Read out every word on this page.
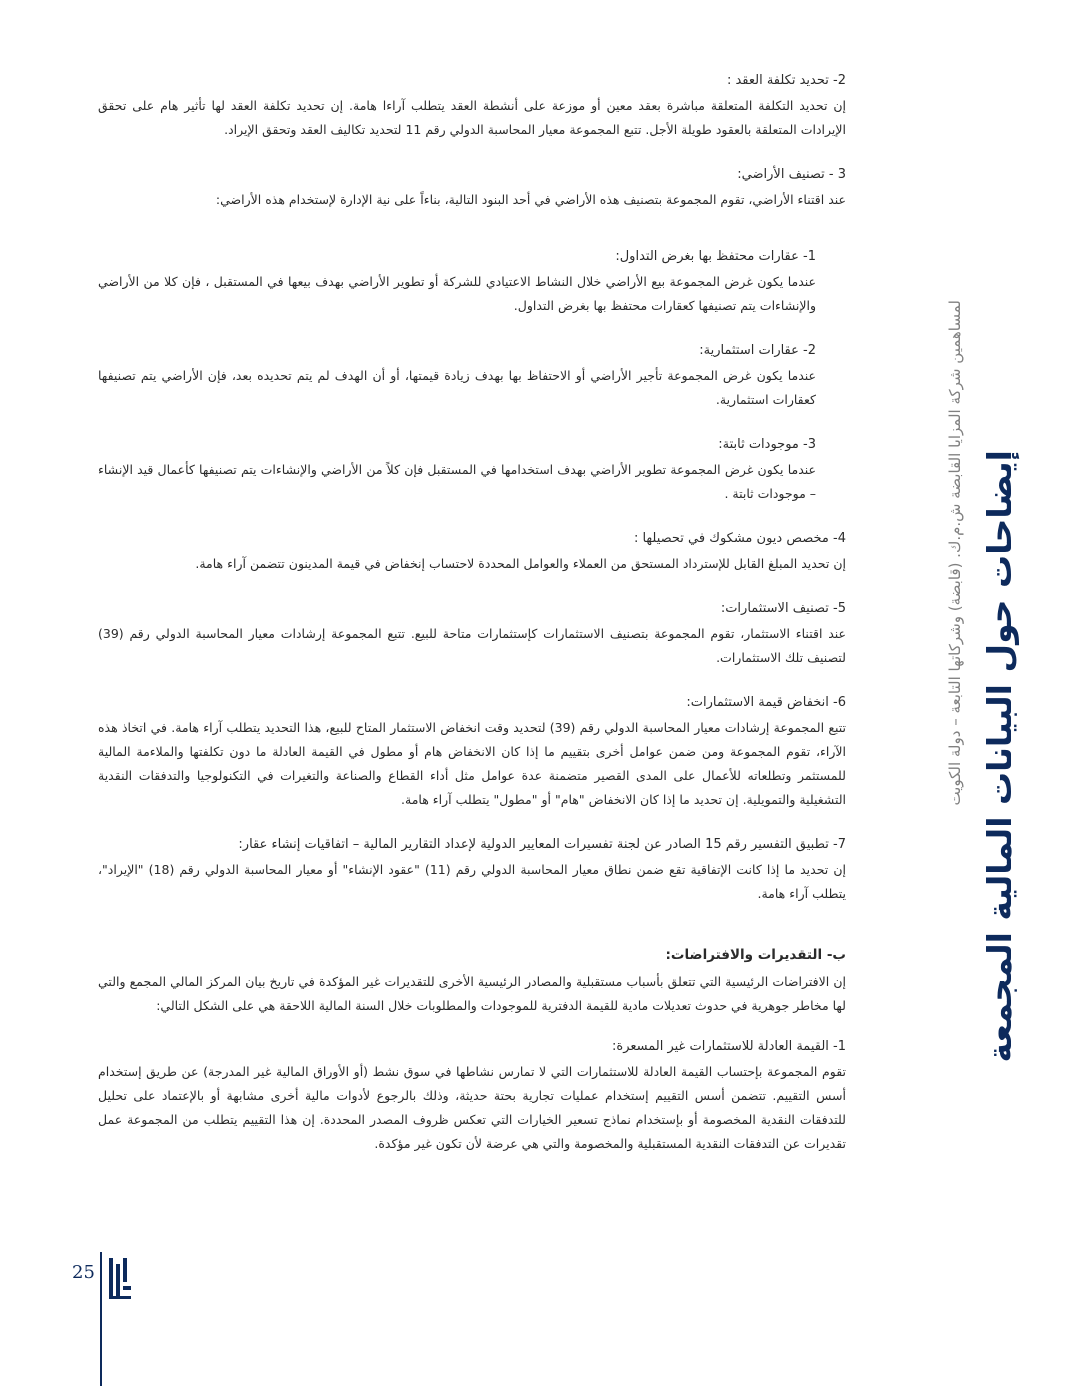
2- تحديد تكلفة العقد :

إن تحديد التكلفة المتعلقة مباشرة بعقد معين أو موزعة على أنشطة العقد يتطلب آراءا هامة. إن تحديد تكلفة العقد لها تأثير هام على تحقق الإيرادات المتعلقة بالعقود طويلة الأجل. تتبع المجموعة معيار المحاسبة الدولي رقم 11 لتحديد تكاليف العقد وتحقق الإيراد.

3 - تصنيف الأراضي:

عند اقتناء الأراضي، تقوم المجموعة بتصنيف هذه الأراضي في أحد البنود التالية، بناءاً على نية الإدارة لإستخدام هذه الأراضي:

1- عقارات محتفظ بها بغرض التداول:

عندما يكون غرض المجموعة بيع الأراضي خلال النشاط الاعتيادي للشركة أو تطوير الأراضي بهدف بيعها في المستقبل ، فإن كلا من الأراضي والإنشاءات يتم تصنيفها كعقارات محتفظ بها بغرض التداول.

2- عقارات استثمارية:

عندما يكون غرض المجموعة تأجير الأراضي أو الاحتفاظ بها بهدف زيادة قيمتها، أو أن الهدف لم يتم تحديده بعد، فإن الأراضي يتم تصنيفها كعقارات استثمارية.

3- موجودات ثابتة:

عندما يكون غرض المجموعة تطوير الأراضي بهدف استخدامها في المستقبل فإن كلاً من الأراضي والإنشاءات يتم تصنيفها كأعمال قيد الإنشاء – موجودات ثابتة .

4- مخصص ديون مشكوك في تحصيلها :

إن تحديد المبلغ القابل للإسترداد المستحق من العملاء والعوامل المحددة لاحتساب إنخفاض في قيمة المدينون تتضمن آراء هامة.

5- تصنيف الاستثمارات:

عند اقتناء الاستثمار، تقوم المجموعة بتصنيف الاستثمارات كإستثمارات متاحة للبيع. تتبع المجموعة إرشادات معيار المحاسبة الدولي رقم (39) لتصنيف تلك الاستثمارات.

6- انخفاض قيمة الاستثمارات:

تتبع المجموعة إرشادات معيار المحاسبة الدولي رقم (39) لتحديد وقت انخفاض الاستثمار المتاح للبيع، هذا التحديد يتطلب آراء هامة. في اتخاذ هذه الآراء، تقوم المجموعة ومن ضمن عوامل أخرى بتقييم ما إذا كان الانخفاض هام أو مطول في القيمة العادلة ما دون تكلفتها والملاءمة المالية للمستثمر وتطلعاته للأعمال على المدى القصير متضمنة عدة عوامل مثل أداء القطاع والصناعة والتغيرات في التكنولوجيا والتدفقات النقدية التشغيلية والتمويلية. إن تحديد ما إذا كان الانخفاض "هام" أو "مطول" يتطلب آراء هامة.

7- تطبيق التفسير رقم 15 الصادر عن لجنة تفسيرات المعايير الدولية لإعداد التقارير المالية – اتفاقيات إنشاء عقار:

إن تحديد ما إذا كانت الإتفاقية تقع ضمن نطاق معيار المحاسبة الدولي رقم (11) "عقود الإنشاء" أو معيار المحاسبة الدولي رقم (18) "الإيراد"، يتطلب آراء هامة.

ب- التقديرات والافتراضات:

إن الافتراضات الرئيسية التي تتعلق بأسباب مستقبلية والمصادر الرئيسية الأخرى للتقديرات غير المؤكدة في تاريخ بيان المركز المالي المجمع والتي لها مخاطر جوهرية في حدوث تعديلات مادية للقيمة الدفترية للموجودات والمطلوبات خلال السنة المالية اللاحقة هي على الشكل التالي:

1- القيمة العادلة للاستثمارات غير المسعرة:

تقوم المجموعة بإحتساب القيمة العادلة للاستثمارات التي لا تمارس نشاطها في سوق نشط (أو الأوراق المالية غير المدرجة) عن طريق إستخدام أسس التقييم. تتضمن أسس التقييم إستخدام عمليات تجارية بحتة حديثة، وذلك بالرجوع لأدوات مالية أخرى مشابهة أو بالإعتماد على تحليل للتدفقات النقدية المخصومة أو بإستخدام نماذج تسعير الخيارات التي تعكس ظروف المصدر المحددة. إن هذا التقييم يتطلب من المجموعة عمل تقديرات عن التدفقات النقدية المستقبلية والمخصومة والتي هي عرضة لأن تكون غير مؤكدة.

إيضاحات حول البيانات المالية المجمعة
لمساهمين شركة المزايا القابضة ش.م.ك. (قابضة) وشركاتها التابعة – دولة الكويت
25
